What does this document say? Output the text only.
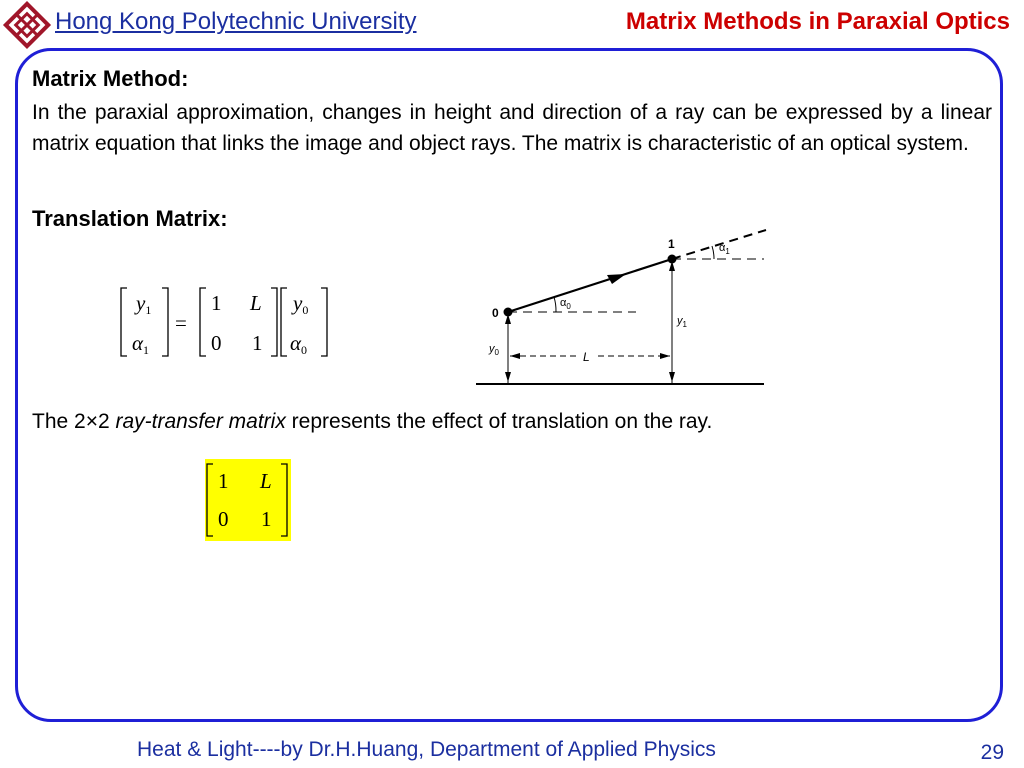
Hong Kong Polytechnic University	Matrix Methods in Paraxial Optics
Matrix Method:
In the paraxial approximation, changes in height and direction of a ray can be expressed by a linear matrix equation that links the image and object rays. The matrix is characteristic of an optical system.
Translation Matrix:
y1
α1
=
1 L
0 1
y0
α0
0
1
$\alpha_0$
$\alpha_1$
$y_0$
$y_1$
L
The 2×2 ray-transfer matrix represents the effect of translation on the ray.
1 L
0 1
Heat & Light----by Dr.H.Huang, Department of Applied Physics	29
